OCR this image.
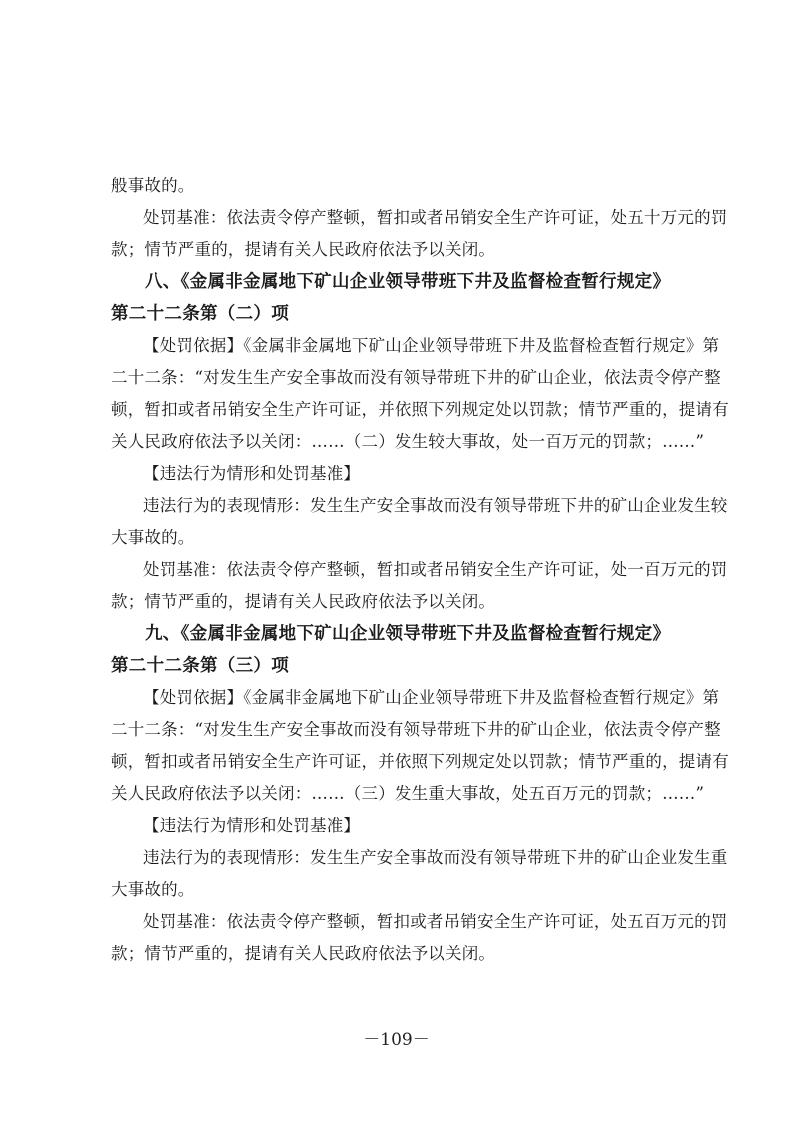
般事故的。
处罚基准：依法责令停产整顿，暂扣或者吊销安全生产许可证，处五十万元的罚
款；情节严重的，提请有关人民政府依法予以关闭。
八、《金属非金属地下矿山企业领导带班下井及监督检查暂行规定》
第二十二条第（二）项
【处罚依据】《金属非金属地下矿山企业领导带班下井及监督检查暂行规定》第
二十二条：“对发生生产安全事故而没有领导带班下井的矿山企业，依法责令停产整
顿，暂扣或者吊销安全生产许可证，并依照下列规定处以罚款；情节严重的，提请有
关人民政府依法予以关闭：……（二）发生较大事故，处一百万元的罚款；……”
【违法行为情形和处罚基准】
违法行为的表现情形：发生生产安全事故而没有领导带班下井的矿山企业发生较
大事故的。
处罚基准：依法责令停产整顿，暂扣或者吊销安全生产许可证，处一百万元的罚
款；情节严重的，提请有关人民政府依法予以关闭。
九、《金属非金属地下矿山企业领导带班下井及监督检查暂行规定》
第二十二条第（三）项
【处罚依据】《金属非金属地下矿山企业领导带班下井及监督检查暂行规定》第
二十二条：“对发生生产安全事故而没有领导带班下井的矿山企业，依法责令停产整
顿，暂扣或者吊销安全生产许可证，并依照下列规定处以罚款；情节严重的，提请有
关人民政府依法予以关闭：……（三）发生重大事故，处五百万元的罚款；……”
【违法行为情形和处罚基准】
违法行为的表现情形：发生生产安全事故而没有领导带班下井的矿山企业发生重
大事故的。
处罚基准：依法责令停产整顿，暂扣或者吊销安全生产许可证，处五百万元的罚
款；情节严重的，提请有关人民政府依法予以关闭。
－109－
